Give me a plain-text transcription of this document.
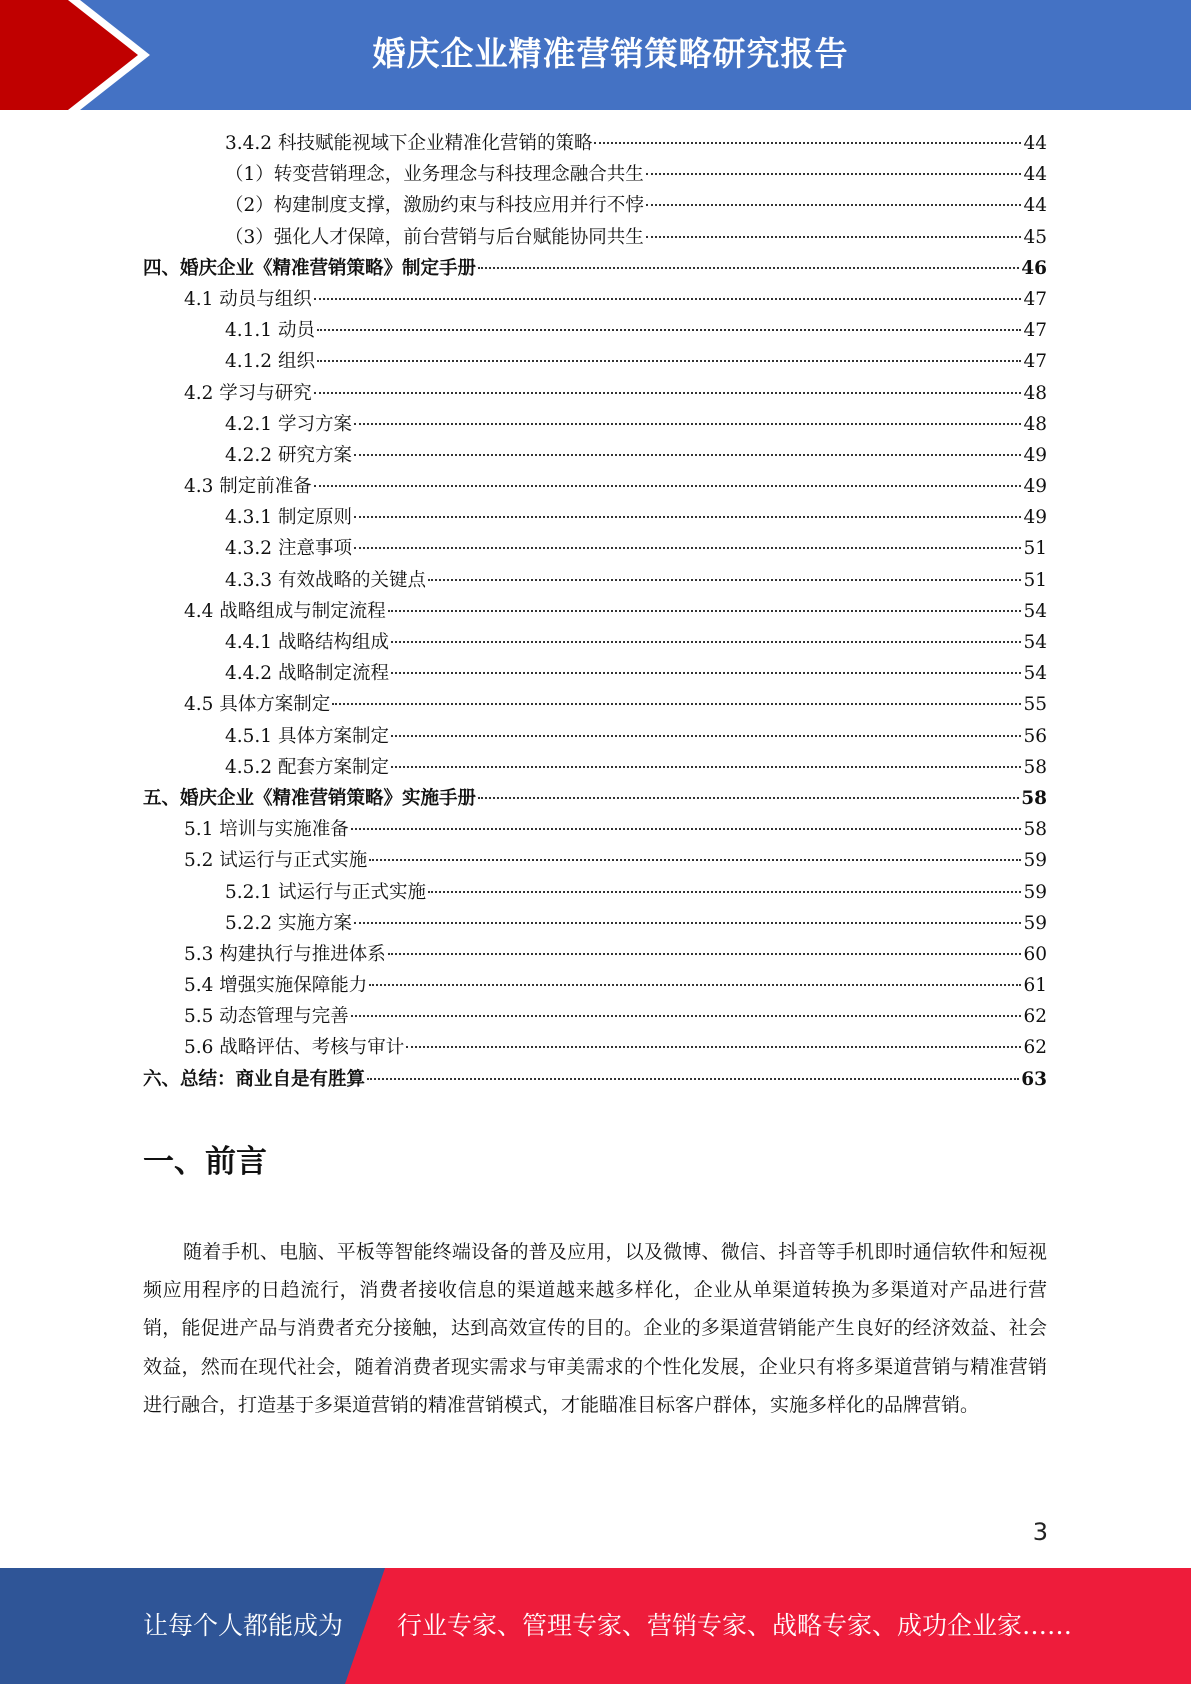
婚庆企业精准营销策略研究报告
3.4.2 科技赋能视域下企业精准化营销的策略	44
（1）转变营销理念，业务理念与科技理念融合共生	44
（2）构建制度支撑，激励约束与科技应用并行不悖	44
（3）强化人才保障，前台营销与后台赋能协同共生	45
四、婚庆企业《精准营销策略》制定手册	46
4.1 动员与组织	47
4.1.1 动员	47
4.1.2 组织	47
4.2 学习与研究	48
4.2.1 学习方案	48
4.2.2 研究方案	49
4.3 制定前准备	49
4.3.1 制定原则	49
4.3.2 注意事项	51
4.3.3 有效战略的关键点	51
4.4 战略组成与制定流程	54
4.4.1 战略结构组成	54
4.4.2 战略制定流程	54
4.5 具体方案制定	55
4.5.1 具体方案制定	56
4.5.2 配套方案制定	58
五、婚庆企业《精准营销策略》实施手册	58
5.1 培训与实施准备	58
5.2 试运行与正式实施	59
5.2.1 试运行与正式实施	59
5.2.2 实施方案	59
5.3 构建执行与推进体系	60
5.4 增强实施保障能力	61
5.5 动态管理与完善	62
5.6 战略评估、考核与审计	62
六、总结：商业自是有胜算	63
一、前言

随着手机、电脑、平板等智能终端设备的普及应用，以及微博、微信、抖音等手机即时通信软件和短视频应用程序的日趋流行，消费者接收信息的渠道越来越多样化，企业从单渠道转换为多渠道对产品进行营销，能促进产品与消费者充分接触，达到高效宣传的目的。企业的多渠道营销能产生良好的经济效益、社会效益，然而在现代社会，随着消费者现实需求与审美需求的个性化发展，企业只有将多渠道营销与精准营销进行融合，打造基于多渠道营销的精准营销模式，才能瞄准目标客户群体，实施多样化的品牌营销。

3
让每个人都能成为 行业专家、管理专家、营销专家、战略专家、成功企业家……
